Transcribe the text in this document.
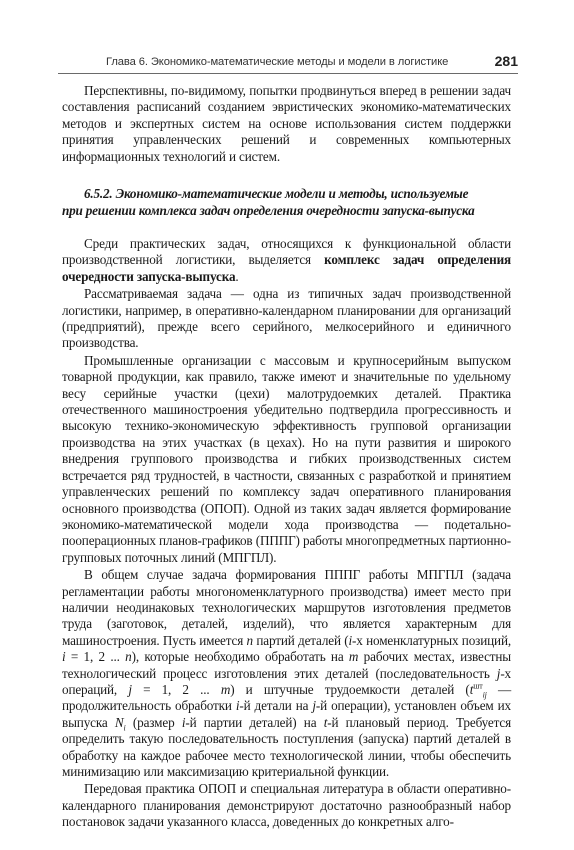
Глава 6. Экономико-математические методы и модели в логистике	281

Перспективны, по-видимому, попытки продвинуться вперед в решении задач составления расписаний созданием эвристических экономико-математических методов и экспертных систем на основе использования систем поддержки принятия управленческих решений и современных компьютерных информационных технологий и систем.

6.5.2. Экономико-математические модели и методы, используемые
при решении комплекса задач определения очередности запуска-выпуска

Среди практических задач, относящихся к функциональной области производственной логистики, выделяется комплекс задач определения очередности запуска-выпуска.

Рассматриваемая задача — одна из типичных задач производственной логистики, например, в оперативно-календарном планировании для организаций (предприятий), прежде всего серийного, мелкосерийного и единичного производства.

Промышленные организации с массовым и крупносерийным выпуском товарной продукции, как правило, также имеют и значительные по удельному весу серийные участки (цехи) малотрудоемких деталей. Практика отечественного машиностроения убедительно подтвердила прогрессивность и высокую технико-экономическую эффективность групповой организации производства на этих участках (в цехах). Но на пути развития и широкого внедрения группового производства и гибких производственных систем встречается ряд трудностей, в частности, связанных с разработкой и принятием управленческих решений по комплексу задач оперативного планирования основного производства (ОПОП). Одной из таких задач является формирование экономико-математической модели хода производства — подетально-пооперационных планов-графиков (ПППГ) работы многопредметных партионно-групповых поточных линий (МПГПЛ).

В общем случае задача формирования ПППГ работы МПГПЛ (задача регламентации работы многономенклатурного производства) имеет место при наличии неодинаковых технологических маршрутов изготовления предметов труда (заготовок, деталей, изделий), что является характерным для машиностроения. Пусть имеется n партий деталей (i-х номенклатурных позиций, i = 1, 2 ... n), которые необходимо обработать на m рабочих местах, известны технологический процесс изготовления этих деталей (последовательность j-х операций, j = 1, 2 ... m) и штучные трудоемкости деталей ($t^{шт}_{ij}$ — продолжительность обработки i-й детали на j-й операции), установлен объем их выпуска $N_i$ (размер i-й партии деталей) на t-й плановый период. Требуется определить такую последовательность поступления (запуска) партий деталей в обработку на каждое рабочее место технологической линии, чтобы обеспечить минимизацию или максимизацию критериальной функции.

Передовая практика ОПОП и специальная литература в области оперативно-календарного планирования демонстрируют достаточно разнообразный набор постановок задачи указанного класса, доведенных до конкретных алго-
